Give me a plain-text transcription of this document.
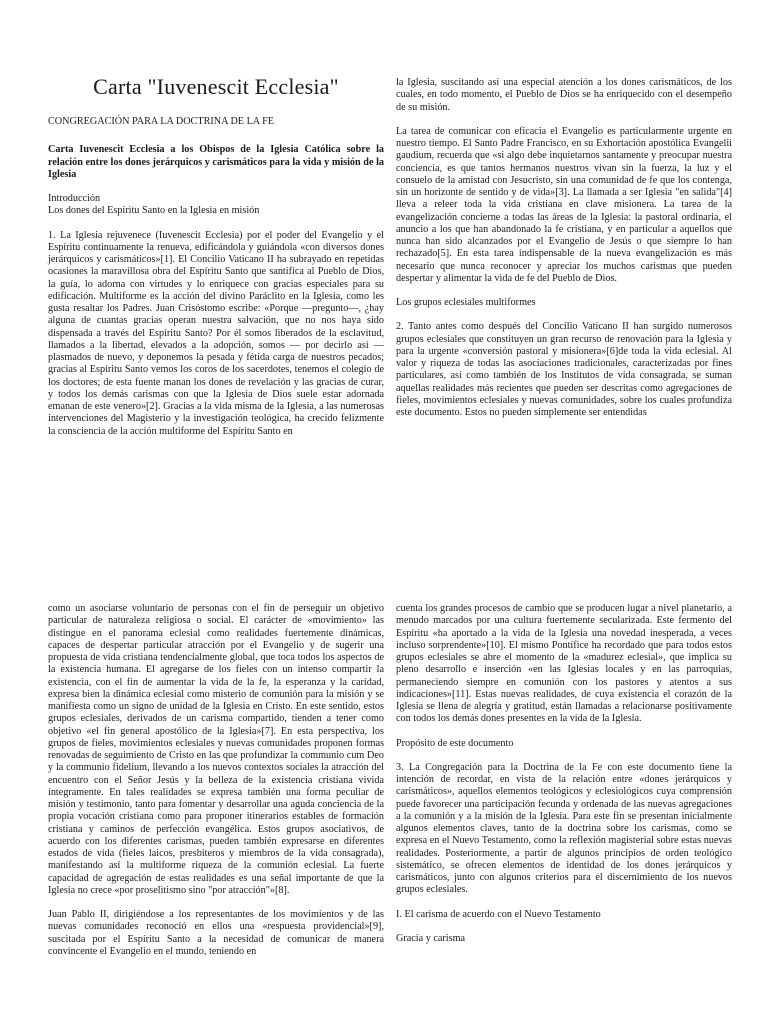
Carta "Iuvenescit Ecclesia"
CONGREGACIÓN PARA LA DOCTRINA DE LA FE

Carta Iuvenescit Ecclesia a los Obispos de la Iglesia Católica sobre la relación entre los dones jerárquicos y carismáticos para la vida y misión de la Iglesia

Introducción
Los dones del Espíritu Santo en la Iglesia en misión

1. La Iglesia rejuvenece (Iuvenescit Ecclesia) por el poder del Evangelio y el Espíritu continuamente la renueva, edificándola y guiándola «con diversos dones jerárquicos y carismáticos»[1]. El Concilio Vaticano II ha subrayado en repetidas ocasiones la maravillosa obra del Espíritu Santo que santifica al Pueblo de Dios, la guía, lo adorna con virtudes y lo enriquece con gracias especiales para su edificación. Multiforme es la acción del divino Paráclito en la Iglesia, como les gusta resaltar los Padres. Juan Crisóstomo escribe: «Porque —pregunto—, ¿hay alguna de cuantas gracias operan nuestra salvación, que no nos haya sido dispensada a través del Espíritu Santo? Por él somos liberados de la esclavitud, llamados a la libertad, elevados a la adopción, somos — por decirlo así — plasmados de nuevo, y deponemos la pesada y fétida carga de nuestros pecados; gracias al Espíritu Santo vemos los coros de los sacerdotes, tenemos el colegio de los doctores; de esta fuente manan los dones de revelación y las gracias de curar, y todos los demás carismas con que la Iglesia de Dios suele estar adornada emanan de este venero»[2]. Gracias a la vida misma de la Iglesia, a las numerosas intervenciones del Magisterio y la investigación teológica, ha crecido felizmente la consciencia de la acción multiforme del Espíritu Santo en

la Iglesia, suscitando así una especial atención a los dones carismáticos, de los cuales, en todo momento, el Pueblo de Dios se ha enriquecido con el desempeño de su misión.

La tarea de comunicar con eficacia el Evangelio es particularmente urgente en nuestro tiempo. El Santo Padre Francisco, en su Exhortación apostólica Evangelii gaudium, recuerda que «si algo debe inquietarnos santamente y preocupar nuestra conciencia, es que tantos hermanos nuestros vivan sin la fuerza, la luz y el consuelo de la amistad con Jesucristo, sin una comunidad de fe que los contenga, sin un horizonte de sentido y de vida»[3]. La llamada a ser Iglesia "en salida"[4] lleva a releer toda la vida cristiana en clave misionera. La tarea de la evangelización concierne a todas las áreas de la Iglesia: la pastoral ordinaria, el anuncio a los que han abandonado la fe cristiana, y en particular a aquellos que nunca han sido alcanzados por el Evangelio de Jesús o que siempre lo han rechazado[5]. En esta tarea indispensable de la nueva evangelización es más necesario que nunca reconocer y apreciar los muchos carismas que pueden despertar y alimentar la vida de fe del Pueblo de Dios.

Los grupos eclesiales multiformes

2. Tanto antes como después del Concilio Vaticano II han surgido numerosos grupos eclesiales que constituyen un gran recurso de renovación para la Iglesia y para la urgente «conversión pastoral y misionera»[6]de toda la vida eclesial. Al valor y riqueza de todas las asociaciones tradicionales, caracterizadas por fines particulares, así como también de los Institutos de vida consagrada, se suman aquellas realidades más recientes que pueden ser descritas como agregaciones de fieles, movimientos eclesiales y nuevas comunidades, sobre los cuales profundiza este documento. Estos no pueden simplemente ser entendidas

como un asociarse voluntario de personas con el fin de perseguir un objetivo particular de naturaleza religiosa o social. El carácter de «movimiento» las distingue en el panorama eclesial como realidades fuertemente dinámicas, capaces de despertar particular atracción por el Evangelio y de sugerir una propuesta de vida cristiana tendencialmente global, que toca todos los aspectos de la existencia humana. El agregarse de los fieles con un intenso compartir la existencia, con el fin de aumentar la vida de la fe, la esperanza y la caridad, expresa bien la dinámica eclesial como misterio de comunión para la misión y se manifiesta como un signo de unidad de la Iglesia en Cristo. En este sentido, estos grupos eclesiales, derivados de un carisma compartido, tienden a tener como objetivo «el fin general apostólico de la Iglesia»[7]. En esta perspectiva, los grupos de fieles, movimientos eclesiales y nuevas comunidades proponen formas renovadas de seguimiento de Cristo en las que profundizar la communio cum Deo y la communio fidelium, llevando a los nuevos contextos sociales la atracción del encuentro con el Señor Jesús y la belleza de la existencia cristiana vivida íntegramente. En tales realidades se expresa también una forma peculiar de misión y testimonio, tanto para fomentar y desarrollar una aguda conciencia de la propia vocación cristiana como para proponer itinerarios estables de formación cristiana y caminos de perfección evangélica. Estos grupos asociativos, de acuerdo con los diferentes carismas, pueden también expresarse en diferentes estados de vida (fieles laicos, presbíteros y miembros de la vida consagrada), manifestando así la multiforme riqueza de la comunión eclesial. La fuerte capacidad de agregación de estas realidades es una señal importante de que la Iglesia no crece «por proselitismo sino "por atracción"»[8].

Juan Pablo II, dirigiéndose a los representantes de los movimientos y de las nuevas comunidades reconoció en ellos una «respuesta providencial»[9], suscitada por el Espíritu Santo a la necesidad de comunicar de manera convincente el Evangelio en el mundo, teniendo en

cuenta los grandes procesos de cambio que se producen lugar a nivel planetario, a menudo marcados por una cultura fuertemente secularizada. Este fermento del Espíritu «ha aportado a la vida de la Iglesia una novedad inesperada, a veces incluso sorprendente»[10]. El mismo Pontífice ha recordado que para todos estos grupos eclesiales se abre el momento de la «madurez eclesial», que implica su pleno desarrollo e inserción «en las Iglesias locales y en las parroquias, permaneciendo siempre en comunión con los pastores y atentos a sus indicaciones»[11]. Estas nuevas realidades, de cuya existencia el corazón de la Iglesia se llena de alegría y gratitud, están llamadas a relacionarse positivamente con todos los demás dones presentes en la vida de la Iglesia.

Propósito de este documento

3. La Congregación para la Doctrina de la Fe con este documento tiene la intención de recordar, en vista de la relación entre «dones jerárquicos y carismáticos», aquellos elementos teológicos y eclesiológicos cuya comprensión puede favorecer una participación fecunda y ordenada de las nuevas agregaciones a la comunión y a la misión de la Iglesia. Para este fin se presentan inicialmente algunos elementos claves, tanto de la doctrina sobre los carismas, como se expresa en el Nuevo Testamento, como la reflexión magisterial sobre estas nuevas realidades. Posteriormente, a partir de algunos principios de orden teológico sistemático, se ofrecen elementos de identidad de los dones jerárquicos y carismáticos, junto con algunos criterios para el discernimiento de los nuevos grupos eclesiales.

I. El carisma de acuerdo con el Nuevo Testamento
Gracia y carisma
